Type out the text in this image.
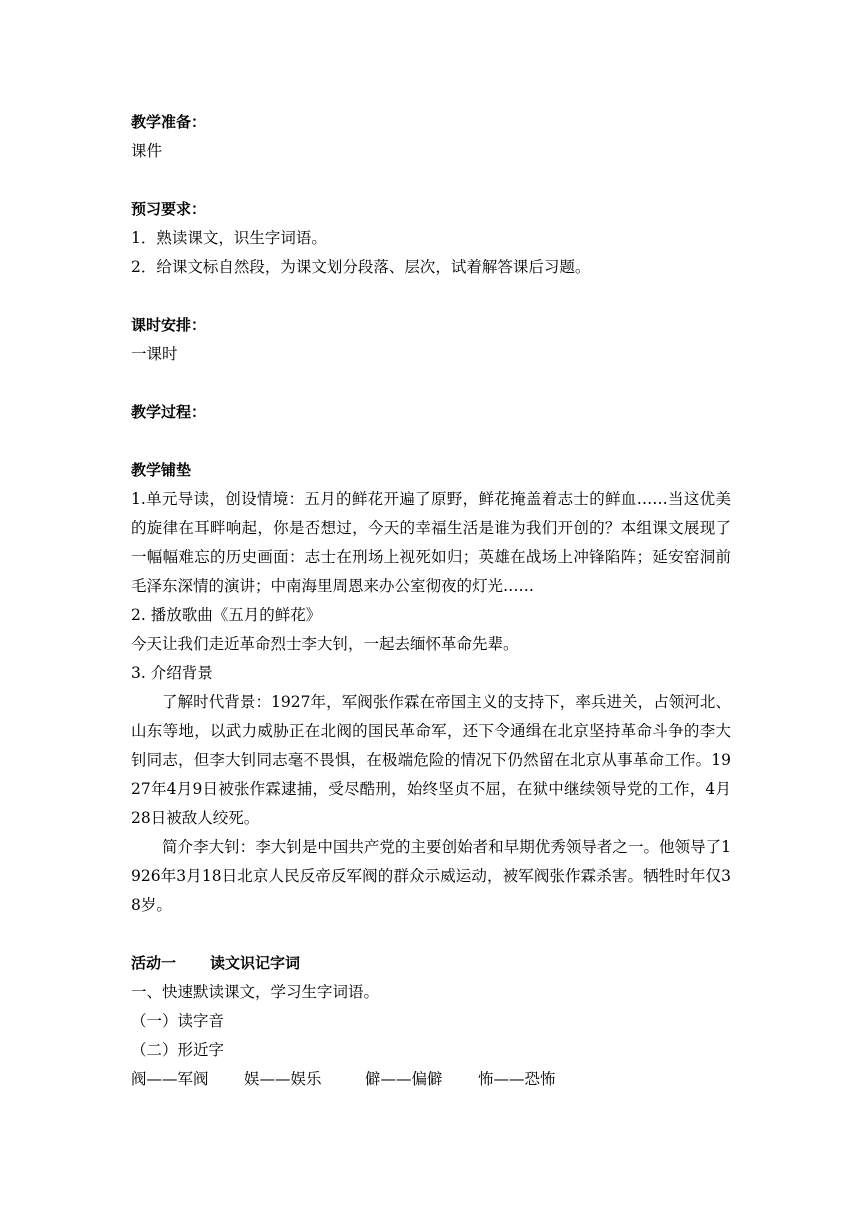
教学准备：

课件

预习要求：

1．熟读课文，识生字词语。

2．给课文标自然段，为课文划分段落、层次，试着解答课后习题。

课时安排：

一课时

教学过程：

教学铺垫

1.单元导读，创设情境：五月的鲜花开遍了原野，鲜花掩盖着志士的鲜血……当这优美的旋律在耳畔响起，你是否想过，今天的幸福生活是谁为我们开创的？本组课文展现了一幅幅难忘的历史画面：志士在刑场上视死如归；英雄在战场上冲锋陷阵；延安窑洞前毛泽东深情的演讲；中南海里周恩来办公室彻夜的灯光……

2. 播放歌曲《五月的鲜花》

今天让我们走近革命烈士李大钊，一起去缅怀革命先辈。

3. 介绍背景

了解时代背景：1927年，军阀张作霖在帝国主义的支持下，率兵进关，占领河北、山东等地，以武力威胁正在北阀的国民革命军，还下令通缉在北京坚持革命斗争的李大钊同志，但李大钊同志毫不畏惧，在极端危险的情况下仍然留在北京从事革命工作。1927年4月9日被张作霖逮捕，受尽酷刑，始终坚贞不屈，在狱中继续领导党的工作，4月28日被敌人绞死。

简介李大钊：李大钊是中国共产党的主要创始者和早期优秀领导者之一。他领导了1926年3月18日北京人民反帝反军阀的群众示威运动，被军阀张作霖杀害。牺牲时年仅38岁。

活动一 读文识记字词

一、快速默读课文，学习生字词语。

（一）读字音

（二）形近字

阀——军阀 娱——娱乐	僻——偏僻 怖——恐怖
